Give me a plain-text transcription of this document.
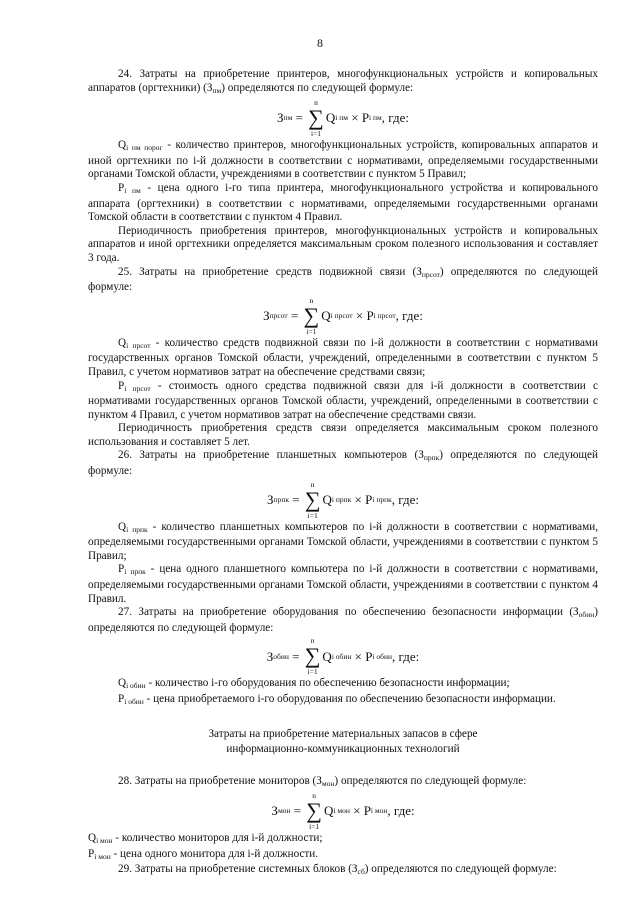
8

24. Затраты на приобретение принтеров, многофункциональных устройств и копировальных аппаратов (оргтехники) $(З_{пм})$ определяются по следующей формуле:

З пм =
n
∑
i=1
Q i пм
×
P i пм , где:

$Q_{i пм порог}$ - количество принтеров, многофункциональных устройств, копировальных аппаратов и иной оргтехники по i-й должности в соответствии с нормативами, определяемыми государственными органами Томской области, учреждениями в соответствии с пунктом 5 Правил;

$P_{i пм}$ - цена одного i-го типа принтера, многофункционального устройства и копировального аппарата (оргтехники) в соответствии с нормативами, определяемыми государственными органами Томской области в соответствии с пунктом 4 Правил.

Периодичность приобретения принтеров, многофункциональных устройств и копировальных аппаратов и иной оргтехники определяется максимальным сроком полезного использования и составляет 3 года.

25. Затраты на приобретение средств подвижной связи $(З_{прсот})$ определяются по следующей формуле:

З прсот =
n
∑
i=1
Q i прсот
×
P i прсот , где:

$Q_{i прсот}$ - количество средств подвижной связи по i-й должности в соответствии с нормативами государственных органов Томской области, учреждений, определенными в соответствии с пунктом 5 Правил, с учетом нормативов затрат на обеспечение средствами связи;

$P_{i прсот}$ - стоимость одного средства подвижной связи для i-й должности в соответствии с нормативами государственных органов Томской области, учреждений, определенными в соответствии с пунктом 4 Правил, с учетом нормативов затрат на обеспечение средствами связи.

Периодичность приобретения средств связи определяется максимальным сроком полезного использования и составляет 5 лет.

26. Затраты на приобретение планшетных компьютеров $(З_{прпк})$ определяются по следующей формуле:

З прпк =
n
∑
i=1
Q i прпк
×
P i прпк , где:

$Q_{i прпк}$ - количество планшетных компьютеров по i-й должности в соответствии с нормативами, определяемыми государственными органами Томской области, учреждениями в соответствии с пунктом 5 Правил;

$P_{i прпк}$ - цена одного планшетного компьютера по i-й должности в соответствии с нормативами, определяемыми государственными органами Томской области, учреждениями в соответствии с пунктом 4 Правил.

27. Затраты на приобретение оборудования по обеспечению безопасности информации $(З_{обин})$ определяются по следующей формуле:

З обин =
n
∑
i=1
Q i обин
×
P i обин , где:

$Q_{i обин}$ - количество i-го оборудования по обеспечению безопасности информации;

$P_{i обин}$ - цена приобретаемого i-го оборудования по обеспечению безопасности информации.

Затраты на приобретение материальных запасов в сфере
информационно-коммуникационных технологий

28. Затраты на приобретение мониторов $(З_{мон})$ определяются по следующей формуле:

З мон =
n
∑
i=1
Q i мон
×
P i мон , где:

$Q_{i мон}$ - количество мониторов для i-й должности;

$P_{i мон}$ - цена одного монитора для i-й должности.

29. Затраты на приобретение системных блоков $(З_{сб})$ определяются по следующей формуле:
